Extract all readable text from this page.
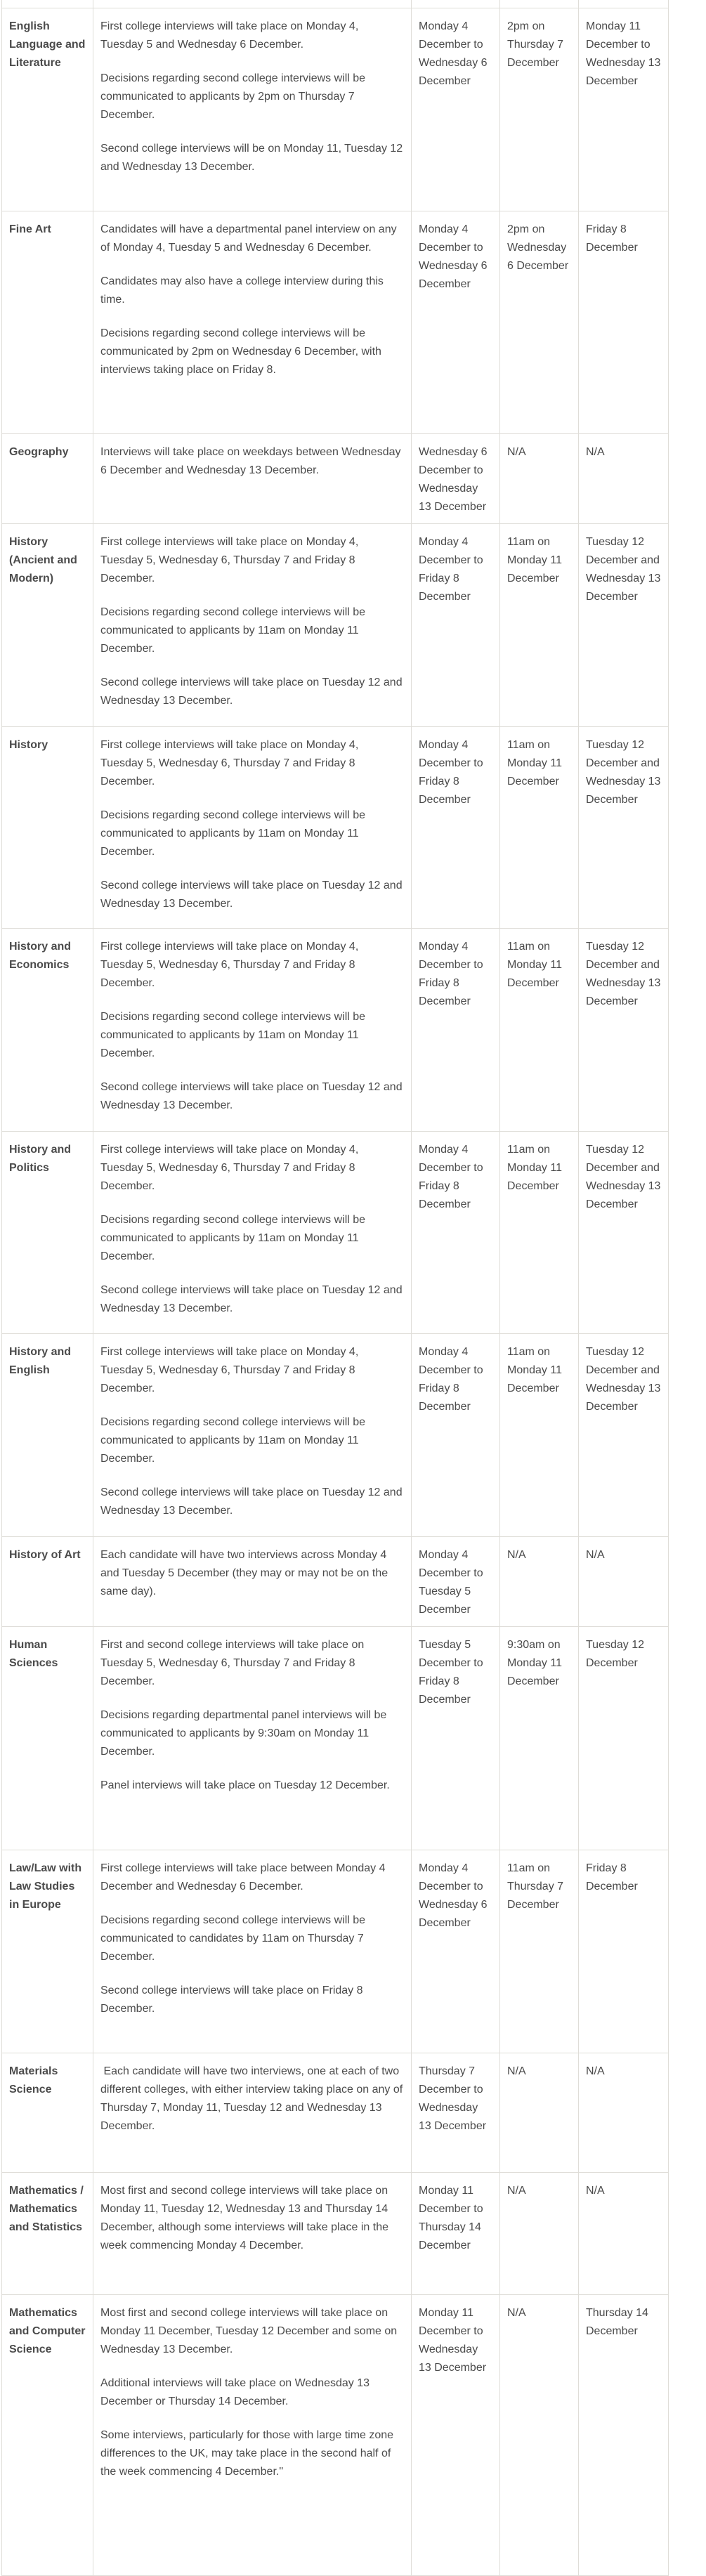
English Language and Literature	First college interviews will take place on Monday 4, Tuesday 5 and Wednesday 6 December.

Decisions regarding second college interviews will be communicated to applicants by 2pm on Thursday 7 December.

Second college interviews will be on Monday 11, Tuesday 12 and Wednesday 13 December.	Monday 4 December to Wednesday 6 December	2pm on Thursday 7 December	Monday 11 December to Wednesday 13 December
Fine Art	Candidates will have a departmental panel interview on any of Monday 4, Tuesday 5 and Wednesday 6 December.

Candidates may also have a college interview during this time.

Decisions regarding second college interviews will be communicated by 2pm on Wednesday 6 December, with interviews taking place on Friday 8.	Monday 4 December to Wednesday 6 December	2pm on Wednesday 6 December	Friday 8 December
Geography	Interviews will take place on weekdays between Wednesday 6 December and Wednesday 13 December.	Wednesday 6 December to Wednesday 13 December	N/A	N/A
History (Ancient and Modern)	First college interviews will take place on Monday 4, Tuesday 5, Wednesday 6, Thursday 7 and Friday 8 December.

Decisions regarding second college interviews will be communicated to applicants by 11am on Monday 11 December.

Second college interviews will take place on Tuesday 12 and Wednesday 13 December.	Monday 4 December to Friday 8 December	11am on Monday 11 December	Tuesday 12 December and Wednesday 13 December
History	First college interviews will take place on Monday 4, Tuesday 5, Wednesday 6, Thursday 7 and Friday 8 December.

Decisions regarding second college interviews will be communicated to applicants by 11am on Monday 11 December.

Second college interviews will take place on Tuesday 12 and Wednesday 13 December.	Monday 4 December to Friday 8 December	11am on Monday 11 December	Tuesday 12 December and Wednesday 13 December
History and Economics	First college interviews will take place on Monday 4, Tuesday 5, Wednesday 6, Thursday 7 and Friday 8 December.

Decisions regarding second college interviews will be communicated to applicants by 11am on Monday 11 December.

Second college interviews will take place on Tuesday 12 and Wednesday 13 December.	Monday 4 December to Friday 8 December	11am on Monday 11 December	Tuesday 12 December and Wednesday 13 December
History and Politics	First college interviews will take place on Monday 4, Tuesday 5, Wednesday 6, Thursday 7 and Friday 8 December.

Decisions regarding second college interviews will be communicated to applicants by 11am on Monday 11 December.

Second college interviews will take place on Tuesday 12 and Wednesday 13 December.	Monday 4 December to Friday 8 December	11am on Monday 11 December	Tuesday 12 December and Wednesday 13 December
History and English	First college interviews will take place on Monday 4, Tuesday 5, Wednesday 6, Thursday 7 and Friday 8 December.

Decisions regarding second college interviews will be communicated to applicants by 11am on Monday 11 December.

Second college interviews will take place on Tuesday 12 and Wednesday 13 December.	Monday 4 December to Friday 8 December	11am on Monday 11 December	Tuesday 12 December and Wednesday 13 December
History of Art	Each candidate will have two interviews across Monday 4 and Tuesday 5 December (they may or may not be on the same day).	Monday 4 December to Tuesday 5 December	N/A	N/A
Human Sciences	First and second college interviews will take place on Tuesday 5, Wednesday 6, Thursday 7 and Friday 8 December.

Decisions regarding departmental panel interviews will be communicated to applicants by 9:30am on Monday 11 December.

Panel interviews will take place on Tuesday 12 December.	Tuesday 5 December to Friday 8 December	9:30am on Monday 11 December	Tuesday 12 December
Law/Law with Law Studies in Europe	First college interviews will take place between Monday 4 December and Wednesday 6 December.

Decisions regarding second college interviews will be communicated to candidates by 11am on Thursday 7 December.

Second college interviews will take place on Friday 8 December.	Monday 4 December to Wednesday 6 December	11am on Thursday 7 December	Friday 8 December
Materials Science	Each candidate will have two interviews, one at each of two different colleges, with either interview taking place on any of Thursday 7, Monday 11, Tuesday 12 and Wednesday 13 December.	Thursday 7 December to Wednesday 13 December	N/A	N/A
Mathematics / Mathematics and Statistics	Most first and second college interviews will take place on Monday 11, Tuesday 12, Wednesday 13 and Thursday 14 December, although some interviews will take place in the week commencing Monday 4 December.	Monday 11 December to Thursday 14 December	N/A	N/A
Mathematics and Computer Science	Most first and second college interviews will take place on Monday 11 December, Tuesday 12 December and some on Wednesday 13 December.

Additional interviews will take place on Wednesday 13 December or Thursday 14 December.

Some interviews, particularly for those with large time zone differences to the UK, may take place in the second half of the week commencing 4 December."	Monday 11 December to Wednesday 13 December	N/A	Thursday 14 December
